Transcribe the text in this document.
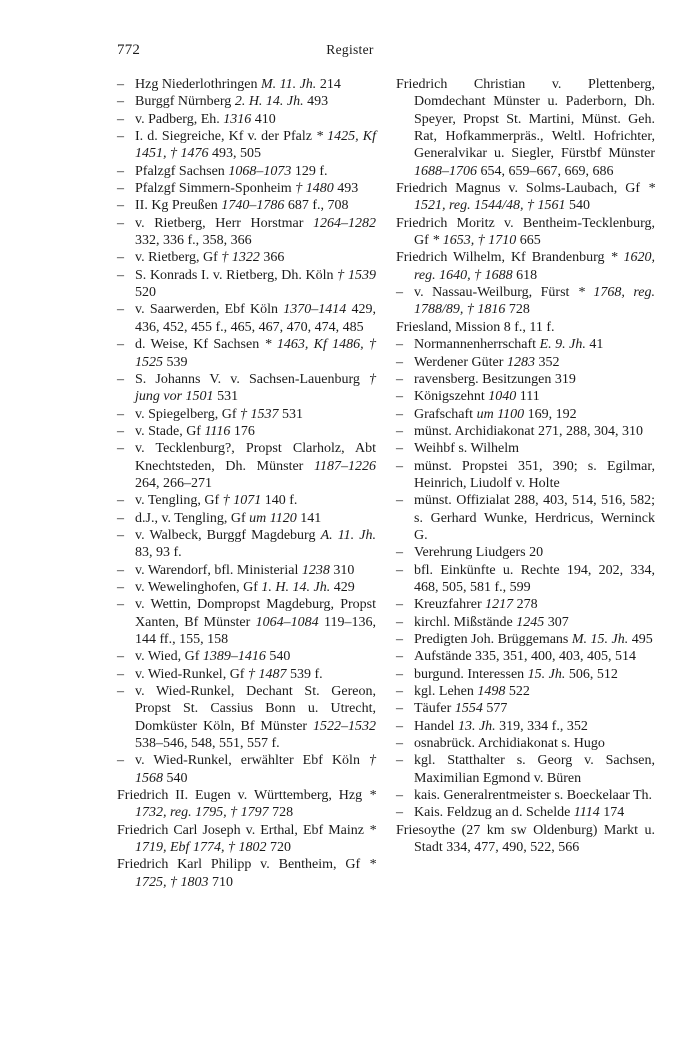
772	Register

– Hzg Niederlothringen M. 11. Jh. 214

– Burggf Nürnberg 2. H. 14. Jh. 493

– v. Padberg, Eh. 1316 410

– I. d. Siegreiche, Kf v. der Pfalz * 1425, Kf 1451, † 1476 493, 505

– Pfalzgf Sachsen 1068–1073 129 f.

– Pfalzgf Simmern-Sponheim † 1480 493

– II. Kg Preußen 1740–1786 687 f., 708

– v. Rietberg, Herr Horstmar 1264–1282 332, 336 f., 358, 366

– v. Rietberg, Gf † 1322 366

– S. Konrads I. v. Rietberg, Dh. Köln † 1539 520

– v. Saarwerden, Ebf Köln 1370–1414 429, 436, 452, 455 f., 465, 467, 470, 474, 485

– d. Weise, Kf Sachsen * 1463, Kf 1486, † 1525 539

– S. Johanns V. v. Sachsen-Lauenburg † jung vor 1501 531

– v. Spiegelberg, Gf † 1537 531

– v. Stade, Gf 1116 176

– v. Tecklenburg?, Propst Clarholz, Abt Knechtsteden, Dh. Münster 1187–1226 264, 266–271

– v. Tengling, Gf † 1071 140 f.

– d.J., v. Tengling, Gf um 1120 141

– v. Walbeck, Burggf Magdeburg A. 11. Jh. 83, 93 f.

– v. Warendorf, bfl. Ministerial 1238 310

– v. Wewelinghofen, Gf 1. H. 14. Jh. 429

– v. Wettin, Dompropst Magdeburg, Propst Xanten, Bf Münster 1064–1084 119–136, 144 ff., 155, 158

– v. Wied, Gf 1389–1416 540

– v. Wied-Runkel, Gf † 1487 539 f.

– v. Wied-Runkel, Dechant St. Gereon, Propst St. Cassius Bonn u. Utrecht, Domküster Köln, Bf Münster 1522–1532 538–546, 548, 551, 557 f.

– v. Wied-Runkel, erwählter Ebf Köln † 1568 540

Friedrich II. Eugen v. Württemberg, Hzg * 1732, reg. 1795, † 1797 728

Friedrich Carl Joseph v. Erthal, Ebf Mainz * 1719, Ebf 1774, † 1802 720

Friedrich Karl Philipp v. Bentheim, Gf * 1725, † 1803 710

Friedrich Christian v. Plettenberg, Domdechant Münster u. Paderborn, Dh. Speyer, Propst St. Martini, Münst. Geh. Rat, Hofkammerpräs., Weltl. Hofrichter, Generalvikar u. Siegler, Fürstbf Münster 1688–1706 654, 659–667, 669, 686

Friedrich Magnus v. Solms-Laubach, Gf * 1521, reg. 1544/48, † 1561 540

Friedrich Moritz v. Bentheim-Tecklenburg, Gf * 1653, † 1710 665

Friedrich Wilhelm, Kf Brandenburg * 1620, reg. 1640, † 1688 618

– v. Nassau-Weilburg, Fürst * 1768, reg. 1788/89, † 1816 728

Friesland, Mission 8 f., 11 f.

– Normannenherrschaft E. 9. Jh. 41

– Werdener Güter 1283 352

– ravensberg. Besitzungen 319

– Königszehnt 1040 111

– Grafschaft um 1100 169, 192

– münst. Archidiakonat 271, 288, 304, 310

– Weihbf s. Wilhelm

– münst. Propstei 351, 390; s. Egilmar, Heinrich, Liudolf v. Holte

– münst. Offizialat 288, 403, 514, 516, 582; s. Gerhard Wunke, Herdricus, Werninck G.

– Verehrung Liudgers 20

– bfl. Einkünfte u. Rechte 194, 202, 334, 468, 505, 581 f., 599

– Kreuzfahrer 1217 278

– kirchl. Mißstände 1245 307

– Predigten Joh. Brüggemans M. 15. Jh. 495

– Aufstände 335, 351, 400, 403, 405, 514

– burgund. Interessen 15. Jh. 506, 512

– kgl. Lehen 1498 522

– Täufer 1554 577

– Handel 13. Jh. 319, 334 f., 352

– osnabrück. Archidiakonat s. Hugo

– kgl. Statthalter s. Georg v. Sachsen, Maximilian Egmond v. Büren

– kais. Generalrentmeister s. Boeckelaar Th.

– Kais. Feldzug an d. Schelde 1114 174

Friesoythe (27 km sw Oldenburg) Markt u. Stadt 334, 477, 490, 522, 566
